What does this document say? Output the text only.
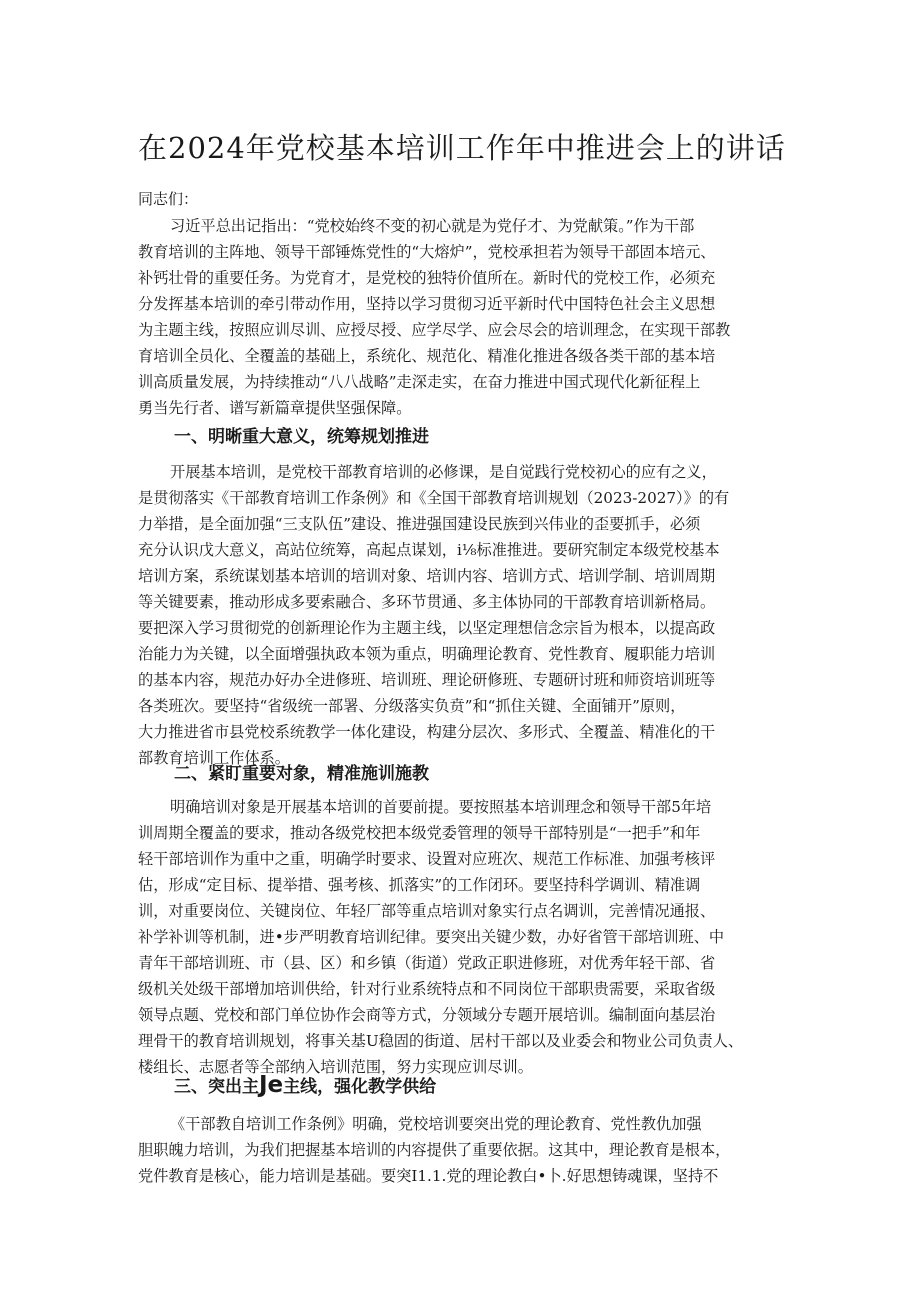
在2024年党校基本培训工作年中推进会上的讲话
同志们：
习近平总出记指出：“党校始终不变的初心就是为党仔才、为党献策。”作为干部
教育培训的主阵地、领导干部锤炼党性的“大熔炉”，党校承担若为领导干部固本培元、
补钙壮骨的重要任务。为党育才，是党校的独特价值所在。新时代的党校工作，必须充
分发挥基本培训的牵引带动作用，坚持以学习贯彻习近平新时代中国特色社会主义思想
为主题主线，按照应训尽训、应授尽授、应学尽学、应会尽会的培训理念，在实现干部教
育培训全员化、全覆盖的基础上，系统化、规范化、精准化推进各级各类干部的基本培
训高质量发展，为持续推动“八八战略”走深走实，在奋力推进中国式现代化新征程上
勇当先行者、谱写新篇章提供坚强保障。
一、明晰重大意义，统筹规划推进
开展基本培训，是党校干部教育培训的必修课，是自觉践行党校初心的应有之义，
是贯彻落实《干部教育培训工作条例》和《全国干部教育培训规划（2023-2027）》的有
力举措，是全面加强“三支队伍”建设、推进强国建设民族到兴伟业的歪要抓手，必须
充分认识戊大意义，高站位统筹，高起点谋划，i⅛标准推进。要研究制定本级党校基本
培训方案，系统谋划基本培训的培训对象、培训内容、培训方式、培训学制、培训周期
等关键要素，推动形成多要索融合、多环节贯通、多主体协同的干部教育培训新格局。
要把深入学习贯彻党的创新理论作为主题主线，以坚定理想信念宗旨为根本，以提高政
治能力为关键，以全面增强执政本领为重点，明确理论教育、党性教育、履职能力培训
的基本内容，规范办好办全进修班、培训班、理论研修班、专题研讨班和师资培训班等
各类班次。要坚持“省级统一部署、分级落实负贲”和“抓住关键、全面铺开”原则，
大力推进省市县党校系统教学一体化建设，构建分层次、多形式、全覆盖、精准化的干
部教育培训工作体系。
二、紧盯重要对象，精准施训施教
明确培训对象是开展基本培训的首要前提。要按照基本培训理念和领导干部5年培
训周期全覆盖的要求，推动各级党校把本级党委管理的领导干部特别是“一把手”和年
轻干部培训作为重中之重，明确学时要求、设置对应班次、规范工作标准、加强考核评
估，形成“定目标、提举措、强考核、抓落实”的工作闭环。要坚持科学调训、精准调
训，对重要岗位、关键岗位、年轻厂部等重点培训对象实行点名调训，完善情况通报、
补学补训等机制，进•步严明教育培训纪律。要突出关键少数，办好省管干部培训班、中
青年干部培训班、市（县、区）和乡镇（街道）党政正职进修班，对优秀年轻干部、省
级机关处级干部增加培训供给，针对行业系统特点和不同岗位干部职贵需要，采取省级
领导点题、党校和部门单位协作会商等方式，分领域分专题开展培训。编制面向基层治
理骨干的教育培训规划，将事关基U稳固的街道、居村干部以及业委会和物业公司负责人、
楼组长、志愿者等全部纳入培训范围，努力实现应训尽训。
三、突出主Je主线，强化教学供给
《干部教自培训工作条例》明确，党校培训要突出党的理论教育、党性教仇加强
胆职魄力培训，为我们把握基本培训的内容提供了重要依据。这其中，理论教育是根本，
党件教育是核心，能力培训是基础。要突I1.1.党的理论教白•卜.好思想铸魂课，坚持不
